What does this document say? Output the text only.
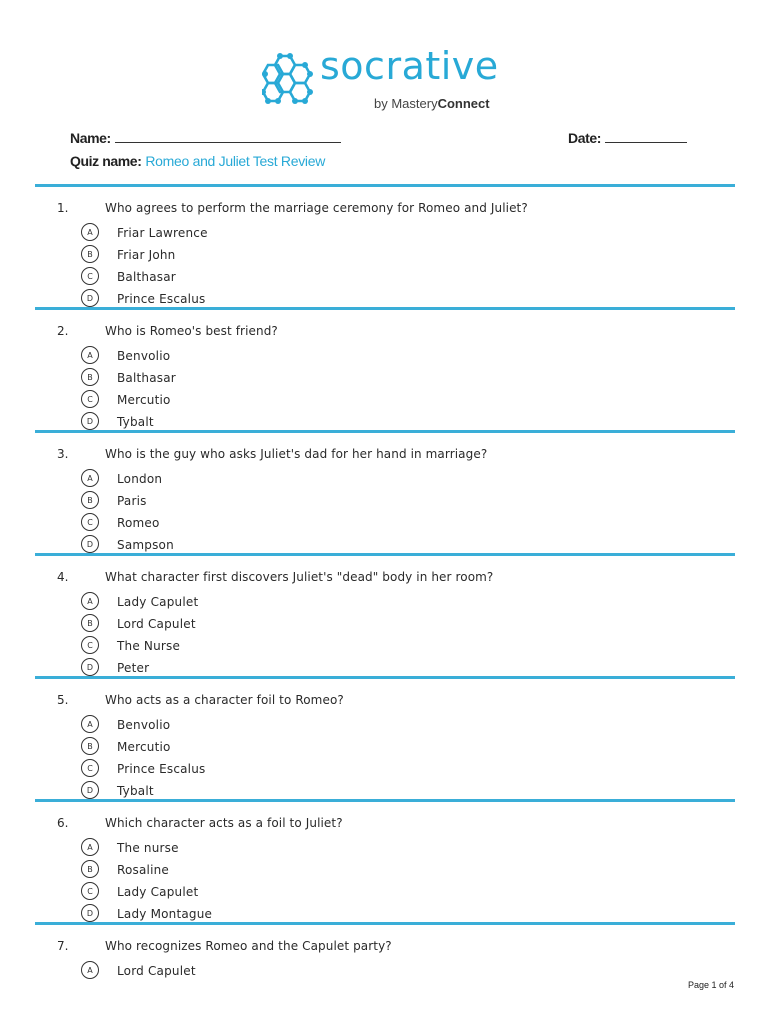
socrative
by MasteryConnect
Name:	Date:
Quiz name: Romeo and Juliet Test Review
1.	Who agrees to perform the marriage ceremony for Romeo and Juliet?
A	Friar Lawrence
B	Friar John
C	Balthasar
D	Prince Escalus
2.	Who is Romeo's best friend?
A	Benvolio
B	Balthasar
C	Mercutio
D	Tybalt
3.	Who is the guy who asks Juliet's dad for her hand in marriage?
A	London
B	Paris
C	Romeo
D	Sampson
4.	What character first discovers Juliet's "dead" body in her room?
A	Lady Capulet
B	Lord Capulet
C	The Nurse
D	Peter
5.	Who acts as a character foil to Romeo?
A	Benvolio
B	Mercutio
C	Prince Escalus
D	Tybalt
6.	Which character acts as a foil to Juliet?
A	The nurse
B	Rosaline
C	Lady Capulet
D	Lady Montague
7.	Who recognizes Romeo and the Capulet party?
A	Lord Capulet
Page 1 of 4
